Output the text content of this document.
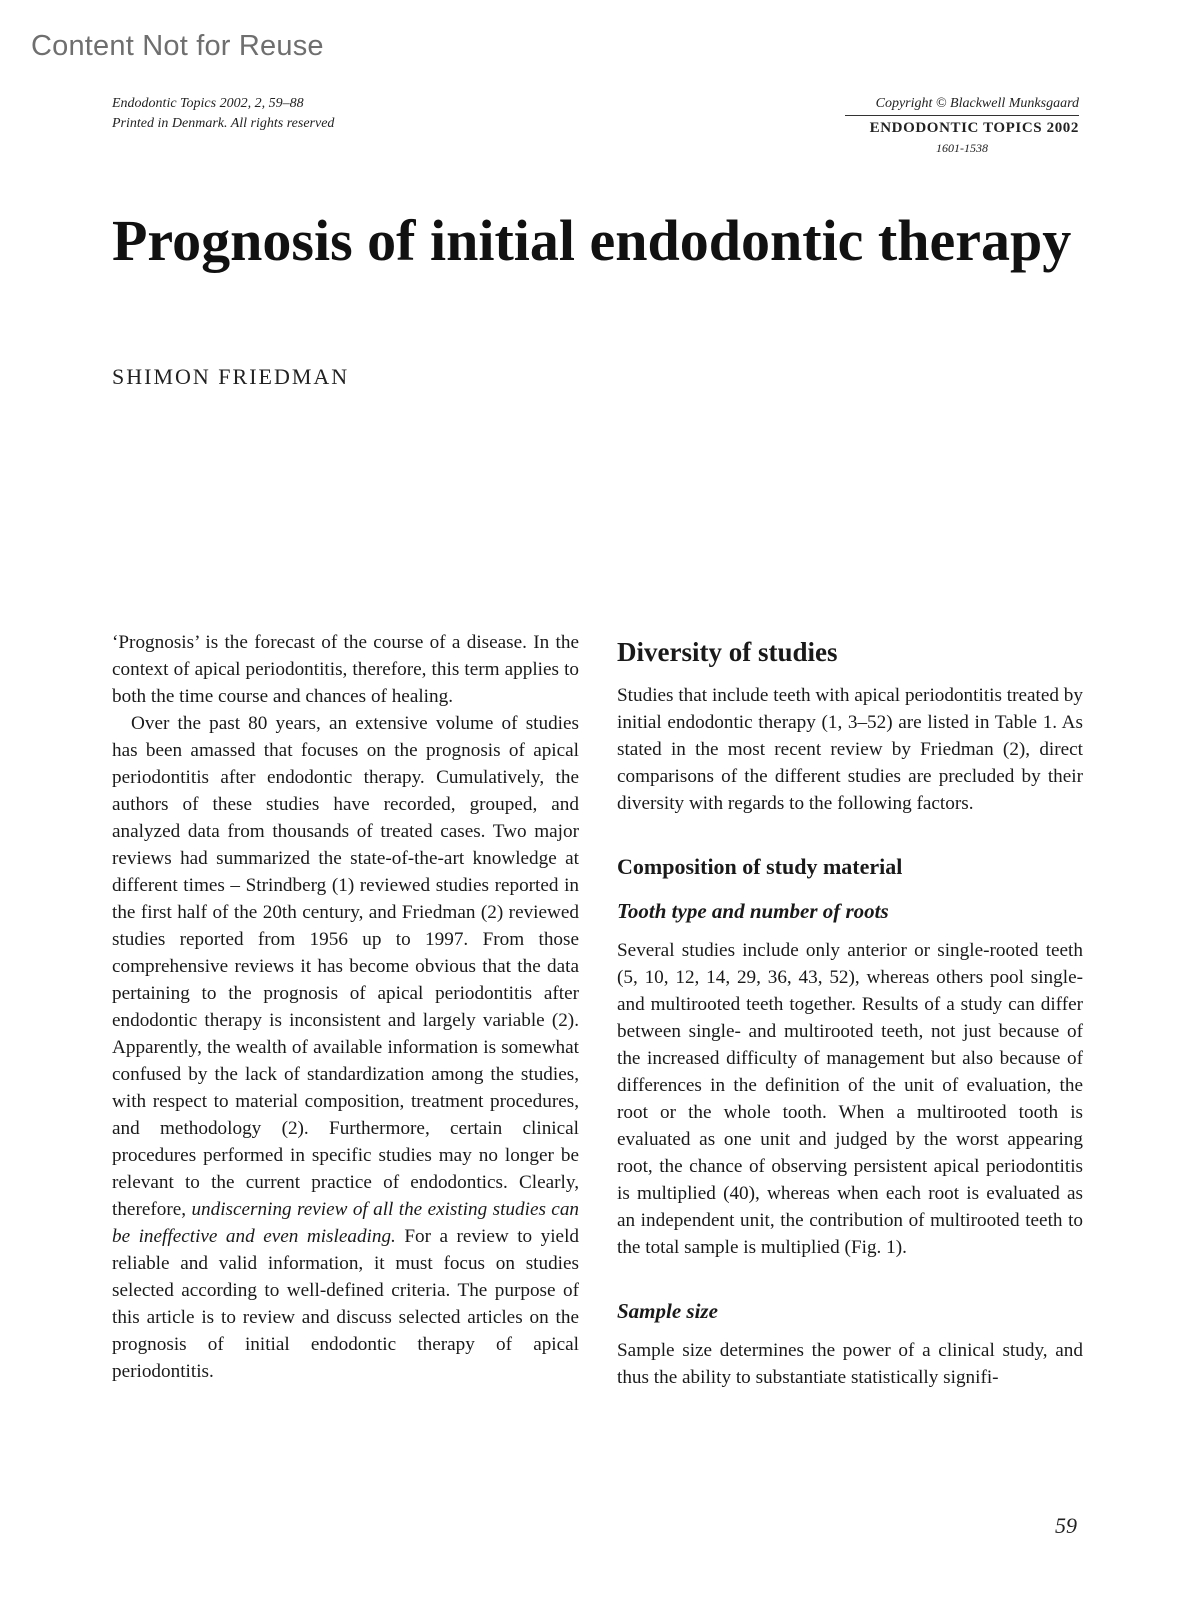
Content Not for Reuse
Endodontic Topics 2002, 2, 59–88
Printed in Denmark. All rights reserved
Copyright © Blackwell Munksgaard
ENDODONTIC TOPICS 2002
1601-1538
Prognosis of initial endodontic therapy
SHIMON FRIEDMAN

‘Prognosis’ is the forecast of the course of a disease. In the context of apical periodontitis, therefore, this term applies to both the time course and chances of healing.

Over the past 80 years, an extensive volume of studies has been amassed that focuses on the prognosis of apical periodontitis after endodontic therapy. Cumulatively, the authors of these studies have recorded, grouped, and analyzed data from thousands of treated cases. Two major reviews had summarized the state-of-the-art knowledge at different times – Strindberg (1) reviewed studies reported in the first half of the 20th century, and Friedman (2) reviewed studies reported from 1956 up to 1997. From those comprehensive reviews it has become obvious that the data pertaining to the prognosis of apical periodontitis after endodontic therapy is inconsistent and largely variable (2). Apparently, the wealth of available information is somewhat confused by the lack of standardization among the studies, with respect to material composition, treatment procedures, and methodology (2). Furthermore, certain clinical procedures performed in specific studies may no longer be relevant to the current practice of endodontics. Clearly, therefore, undiscerning review of all the existing studies can be ineffective and even misleading. For a review to yield reliable and valid information, it must focus on studies selected according to well-defined criteria. The purpose of this article is to review and discuss selected articles on the prognosis of initial endodontic therapy of apical periodontitis.

Diversity of studies

Studies that include teeth with apical periodontitis treated by initial endodontic therapy (1, 3–52) are listed in Table 1. As stated in the most recent review by Friedman (2), direct comparisons of the different studies are precluded by their diversity with regards to the following factors.

Composition of study material
Tooth type and number of roots

Several studies include only anterior or single-rooted teeth (5, 10, 12, 14, 29, 36, 43, 52), whereas others pool single- and multirooted teeth together. Results of a study can differ between single- and multirooted teeth, not just because of the increased difficulty of management but also because of differences in the definition of the unit of evaluation, the root or the whole tooth. When a multirooted tooth is evaluated as one unit and judged by the worst appearing root, the chance of observing persistent apical periodontitis is multiplied (40), whereas when each root is evaluated as an independent unit, the contribution of multirooted teeth to the total sample is multiplied (Fig. 1).

Sample size

Sample size determines the power of a clinical study, and thus the ability to substantiate statistically signifi-

59
